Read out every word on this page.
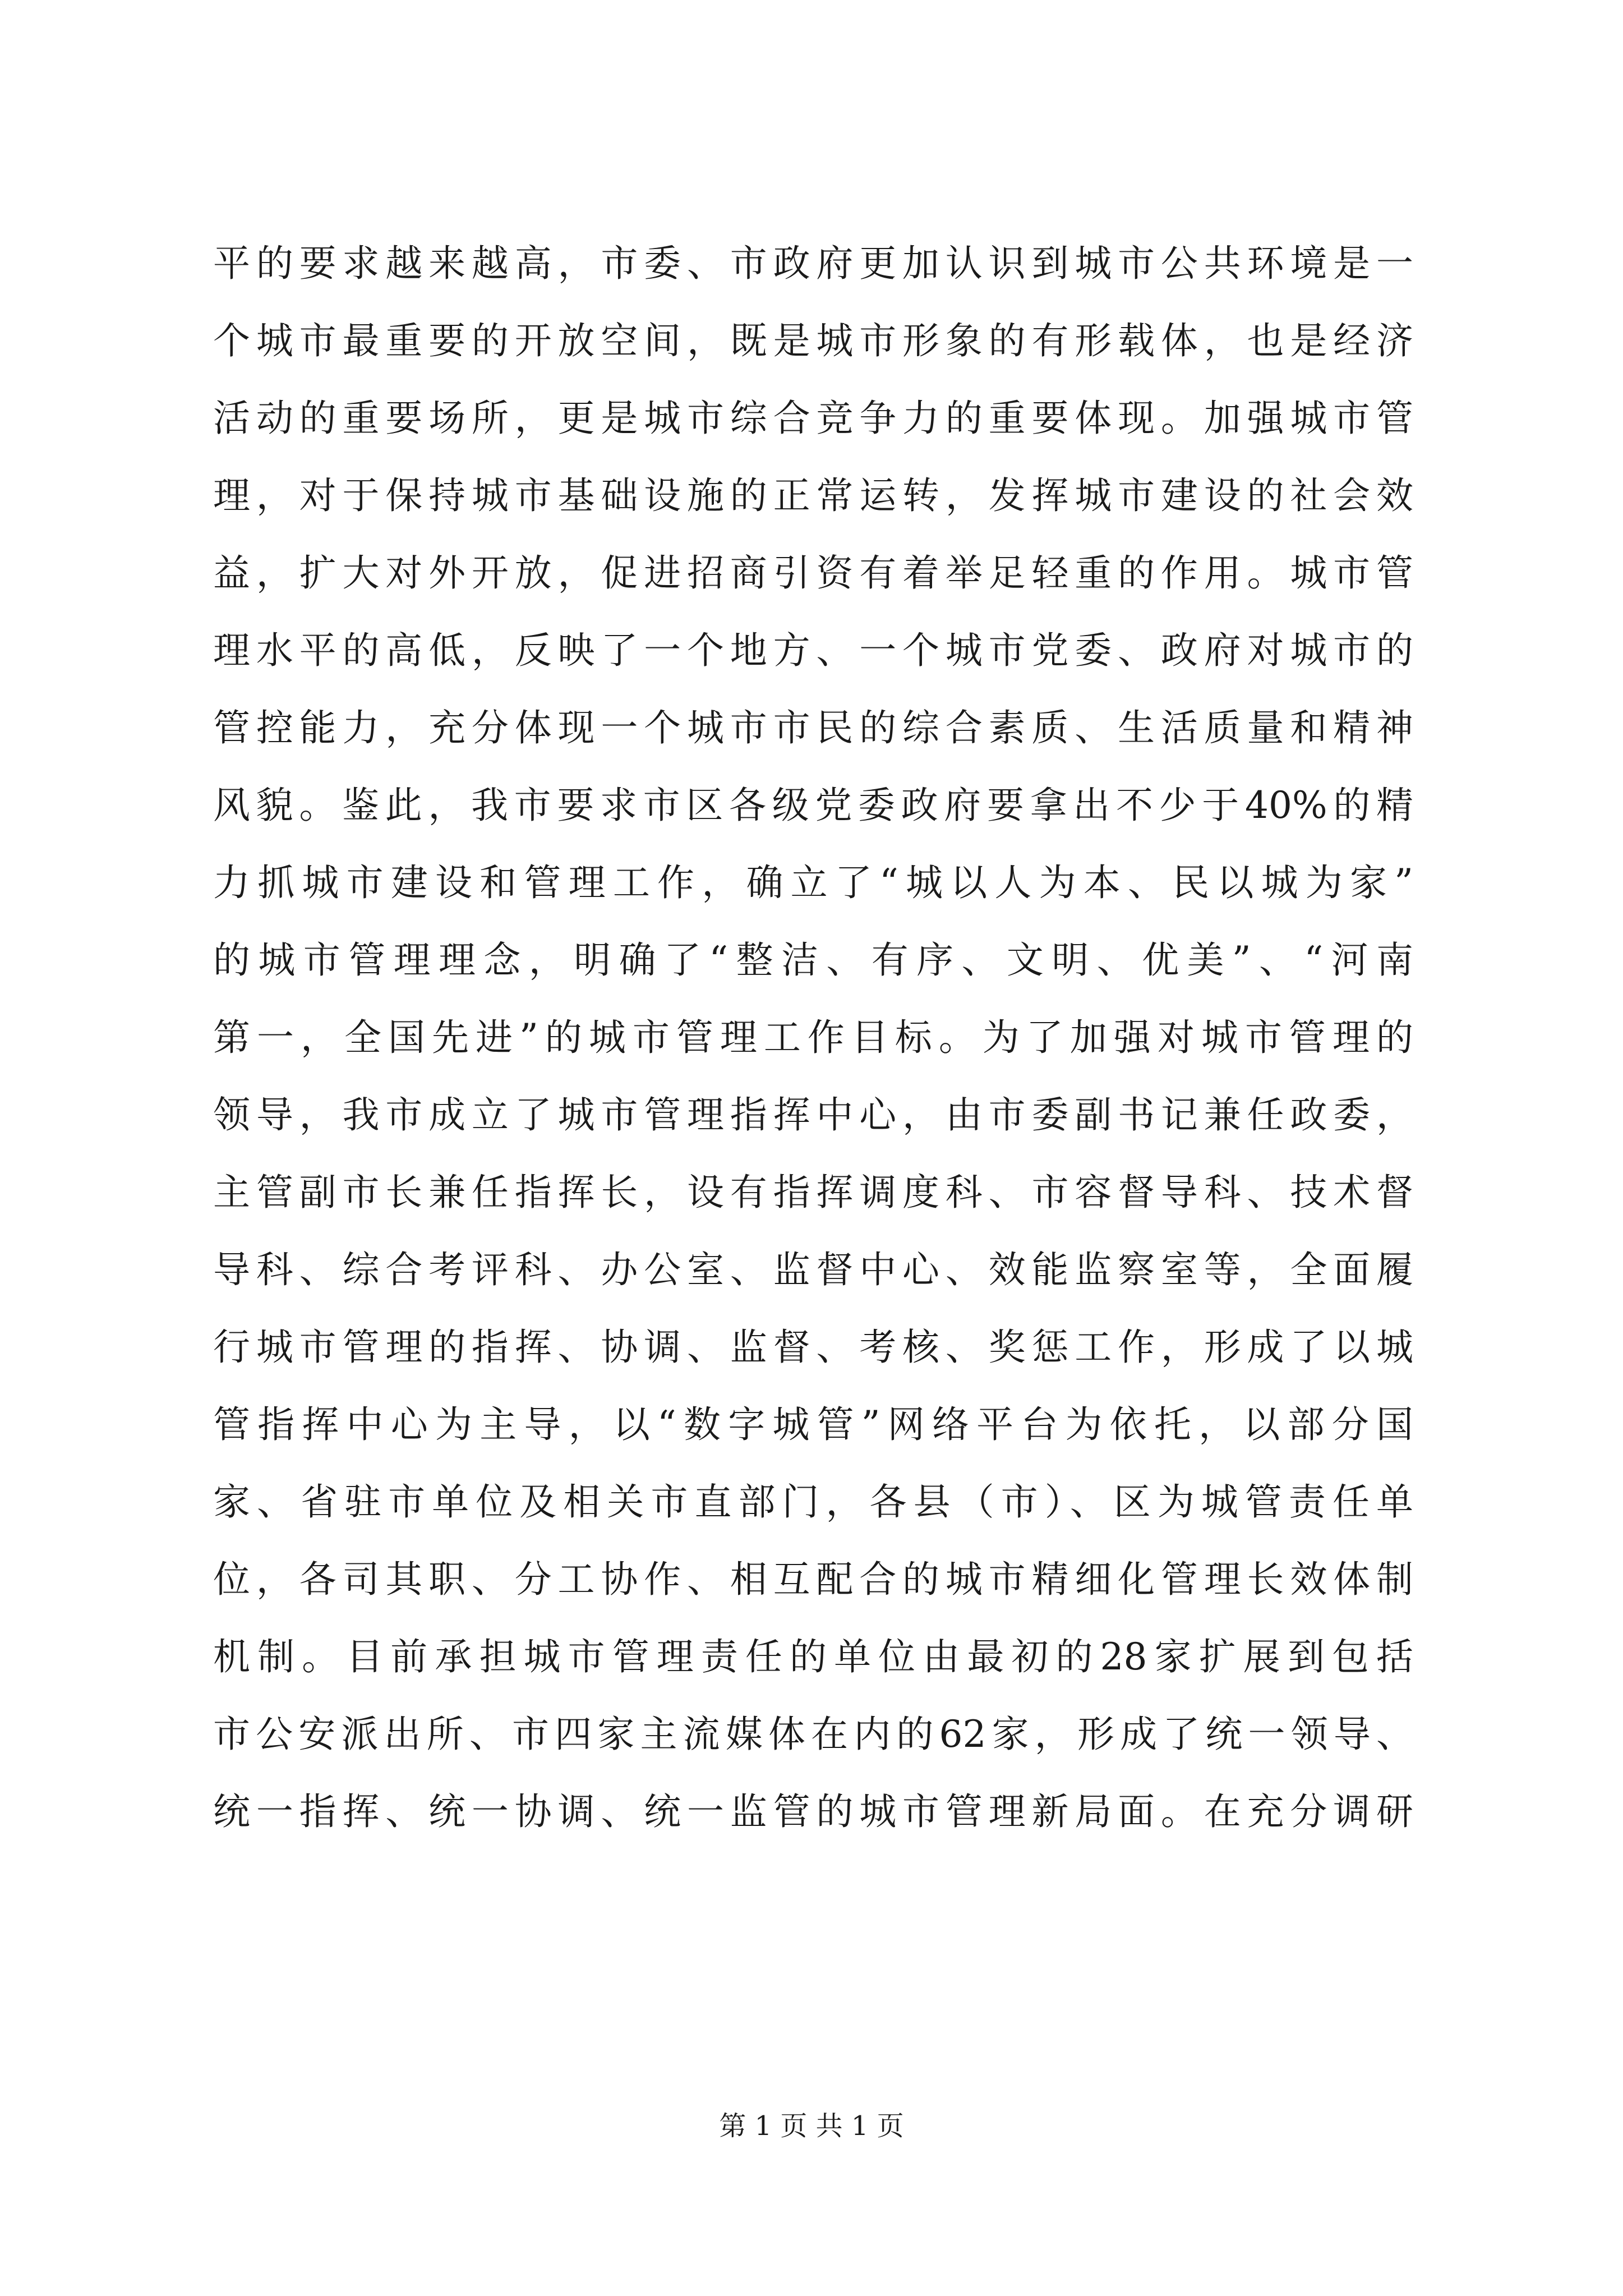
平的要求越来越高，市委、市政府更加认识到城市公共环境是一
个城市最重要的开放空间，既是城市形象的有形载体，也是经济
活动的重要场所，更是城市综合竞争力的重要体现。加强城市管
理，对于保持城市基础设施的正常运转，发挥城市建设的社会效
益，扩大对外开放，促进招商引资有着举足轻重的作用。城市管
理水平的高低，反映了一个地方、一个城市党委、政府对城市的
管控能力，充分体现一个城市市民的综合素质、生活质量和精神
风貌。鉴此，我市要求市区各级党委政府要拿出不少于40%的精
力抓城市建设和管理工作，确立了“城以人为本、民以城为家”
的城市管理理念，明确了“整洁、有序、文明、优美”、“河南
第一，全国先进”的城市管理工作目标。为了加强对城市管理的
领导，我市成立了城市管理指挥中心，由市委副书记兼任政委，
主管副市长兼任指挥长，设有指挥调度科、市容督导科、技术督
导科、综合考评科、办公室、监督中心、效能监察室等，全面履
行城市管理的指挥、协调、监督、考核、奖惩工作，形成了以城
管指挥中心为主导，以“数字城管”网络平台为依托，以部分国
家、省驻市单位及相关市直部门，各县（市）、区为城管责任单
位，各司其职、分工协作、相互配合的城市精细化管理长效体制
机制。目前承担城市管理责任的单位由最初的28家扩展到包括
市公安派出所、市四家主流媒体在内的62家，形成了统一领导、
统一指挥、统一协调、统一监管的城市管理新局面。在充分调研
第 1 页 共 1 页
